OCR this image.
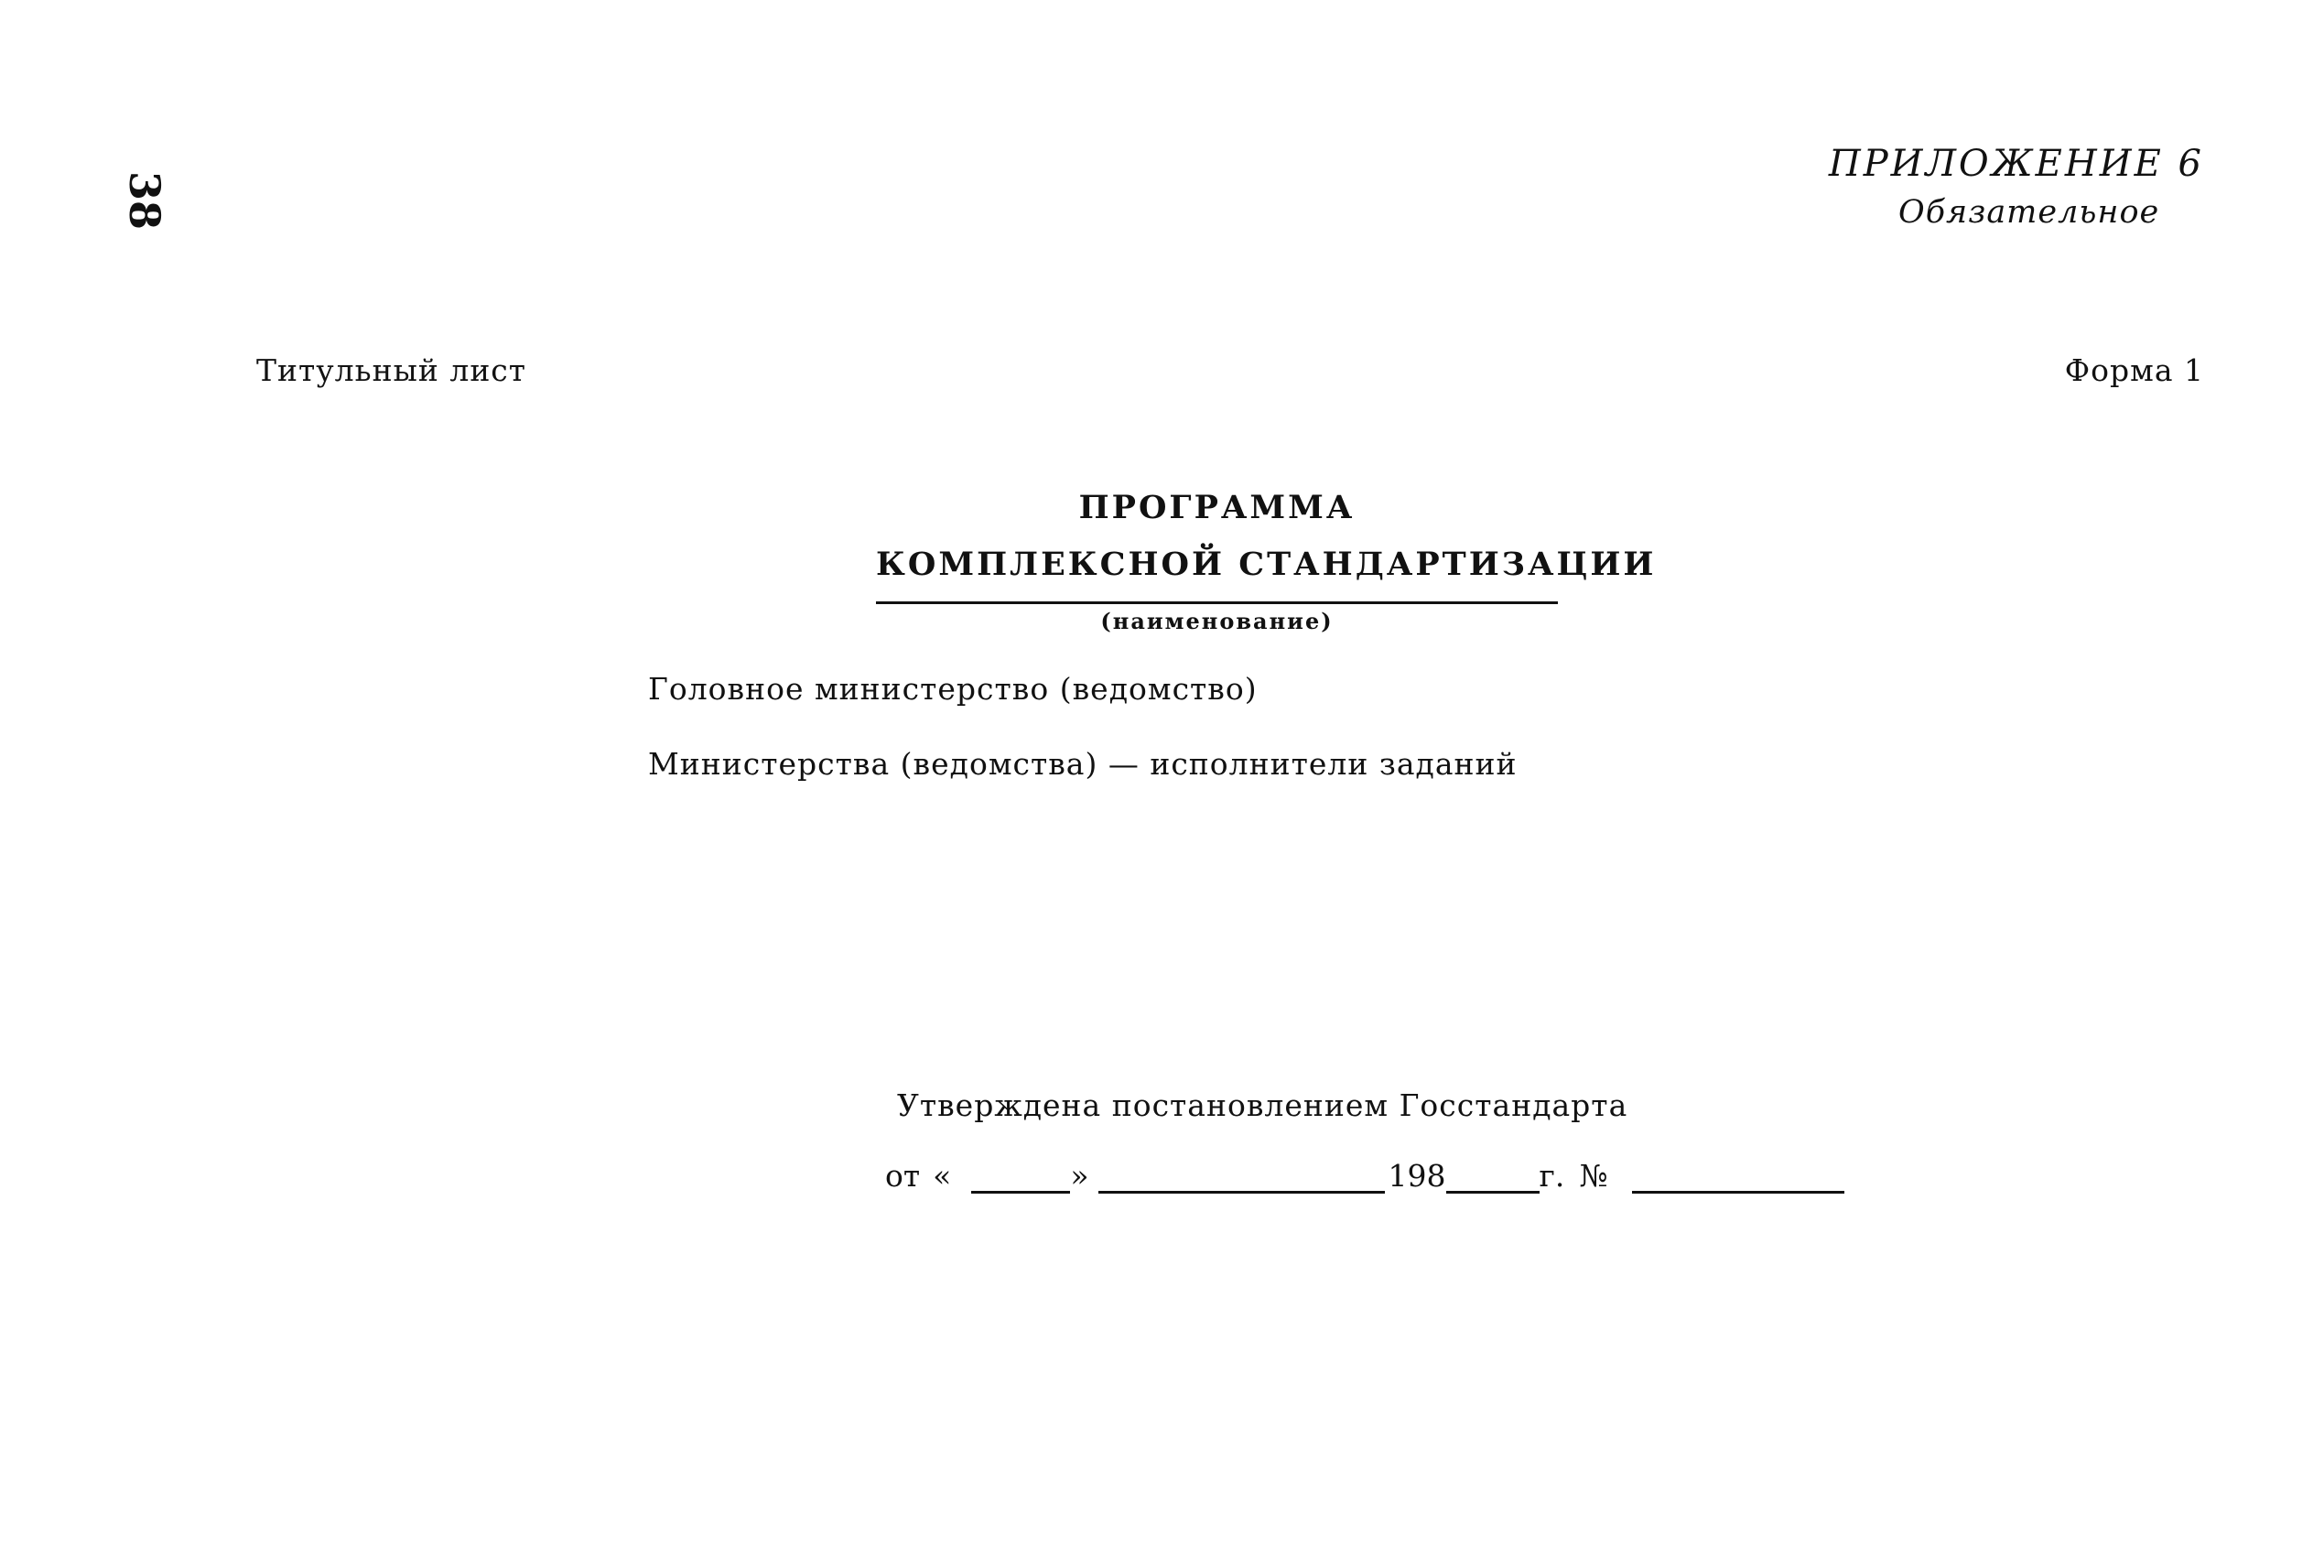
38
ПРИЛОЖЕНИЕ 6
Обязательное
Титульный лист	Форма 1
ПРОГРАММА
КОМПЛЕКСНОЙ СТАНДАРТИЗАЦИИ
(наименование)
Головное министерство (ведомство)
Министерства (ведомства) — исполнители заданий
Утверждена постановлением Госстандарта
от «	»	198	г. №
